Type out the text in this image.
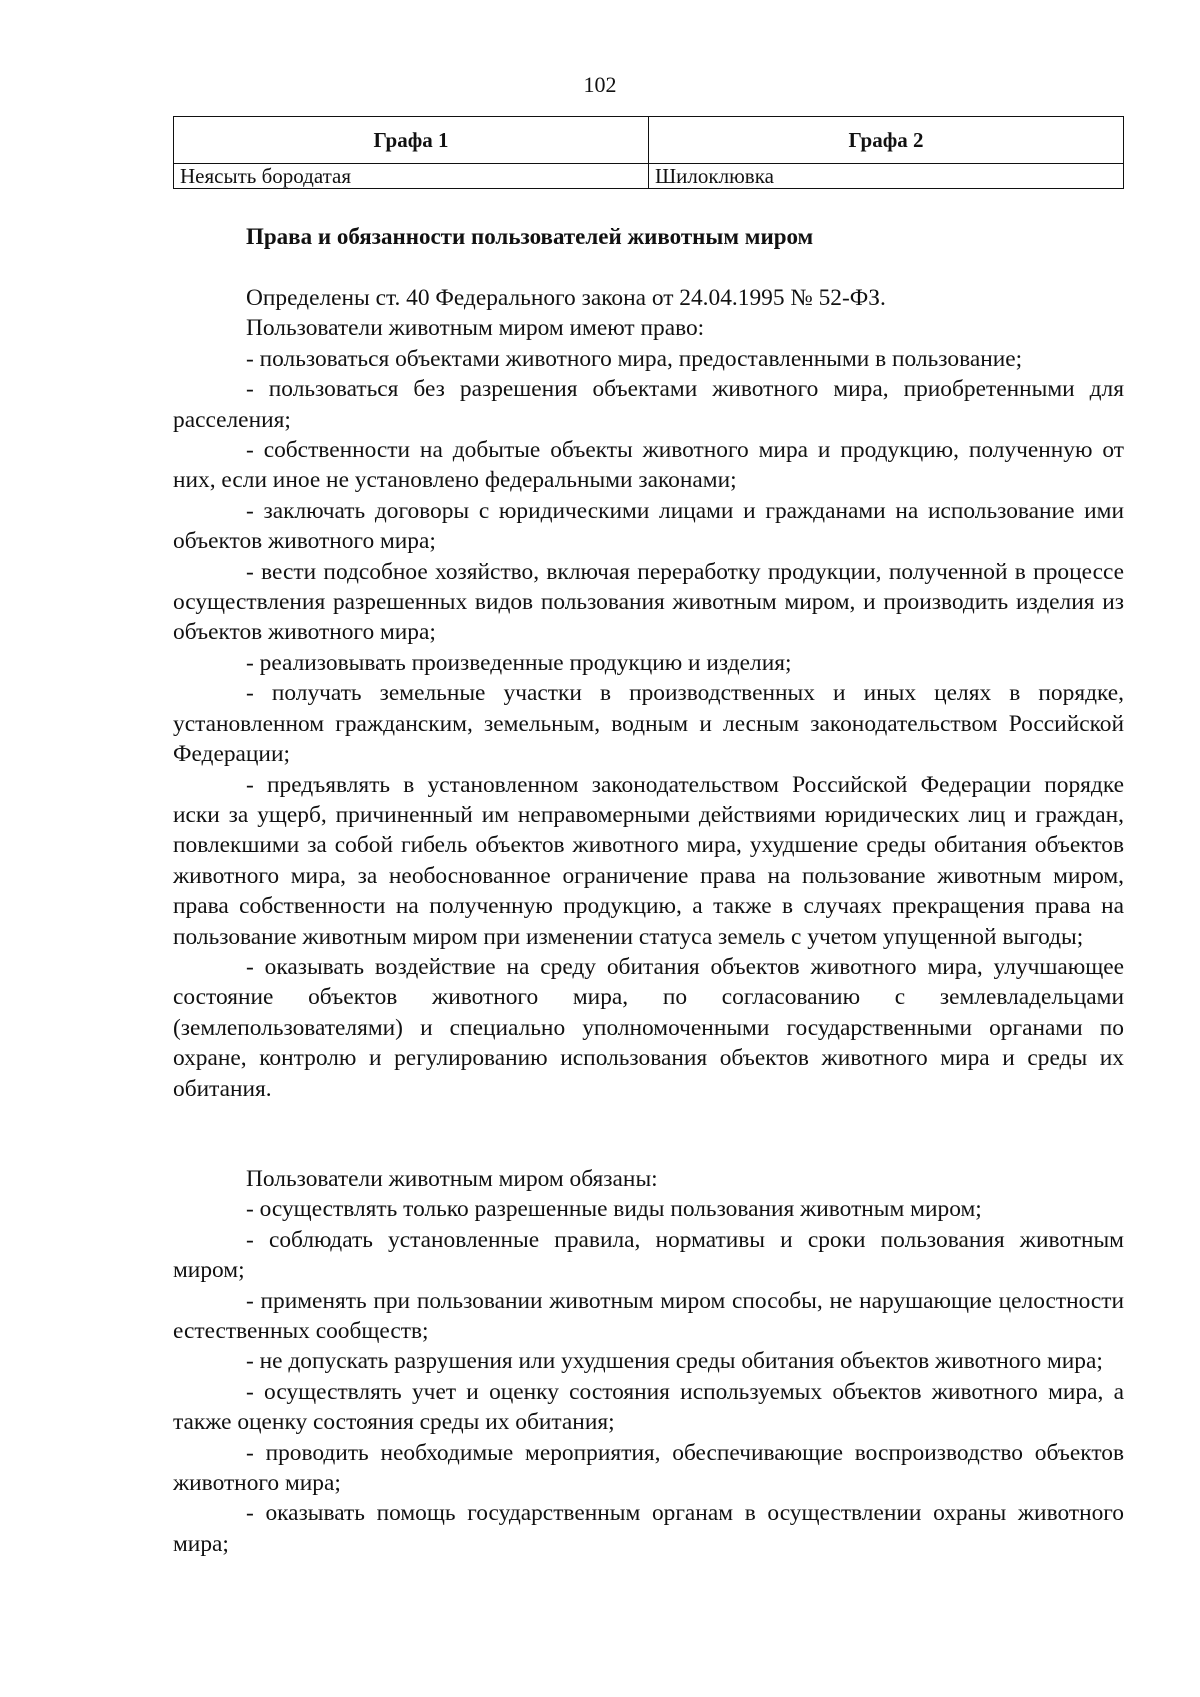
102
Графа 1	Графа 2
Неясыть бородатая	Шилоклювка
Права и обязанности пользователей животным миром

Определены ст. 40 Федерального закона от 24.04.1995 № 52-ФЗ.

Пользователи животным миром имеют право:

- пользоваться объектами животного мира, предоставленными в пользование;

- пользоваться без разрешения объектами животного мира, приобретенными для расселения;

- собственности на добытые объекты животного мира и продукцию, полученную от них, если иное не установлено федеральными законами;

- заключать договоры с юридическими лицами и гражданами на использование ими объектов животного мира;

- вести подсобное хозяйство, включая переработку продукции, полученной в процессе осуществления разрешенных видов пользования животным миром, и производить изделия из объектов животного мира;

- реализовывать произведенные продукцию и изделия;

- получать земельные участки в производственных и иных целях в порядке, установленном гражданским, земельным, водным и лесным законодательством Российской Федерации;

- предъявлять в установленном законодательством Российской Федерации порядке иски за ущерб, причиненный им неправомерными действиями юридических лиц и граждан, повлекшими за собой гибель объектов животного мира, ухудшение среды обитания объектов животного мира, за необоснованное ограничение права на пользование животным миром, права собственности на полученную продукцию, а также в случаях прекращения права на пользование животным миром при изменении статуса земель с учетом упущенной выгоды;

- оказывать воздействие на среду обитания объектов животного мира, улучшающее состояние объектов животного мира, по согласованию с землевладельцами (землепользователями) и специально уполномоченными государственными органами по охране, контролю и регулированию использования объектов животного мира и среды их обитания.

Пользователи животным миром обязаны:

- осуществлять только разрешенные виды пользования животным миром;

- соблюдать установленные правила, нормативы и сроки пользования животным миром;

- применять при пользовании животным миром способы, не нарушающие целостности естественных сообществ;

- не допускать разрушения или ухудшения среды обитания объектов животного мира;

- осуществлять учет и оценку состояния используемых объектов животного мира, а также оценку состояния среды их обитания;

- проводить необходимые мероприятия, обеспечивающие воспроизводство объектов животного мира;

- оказывать помощь государственным органам в осуществлении охраны животного мира;
